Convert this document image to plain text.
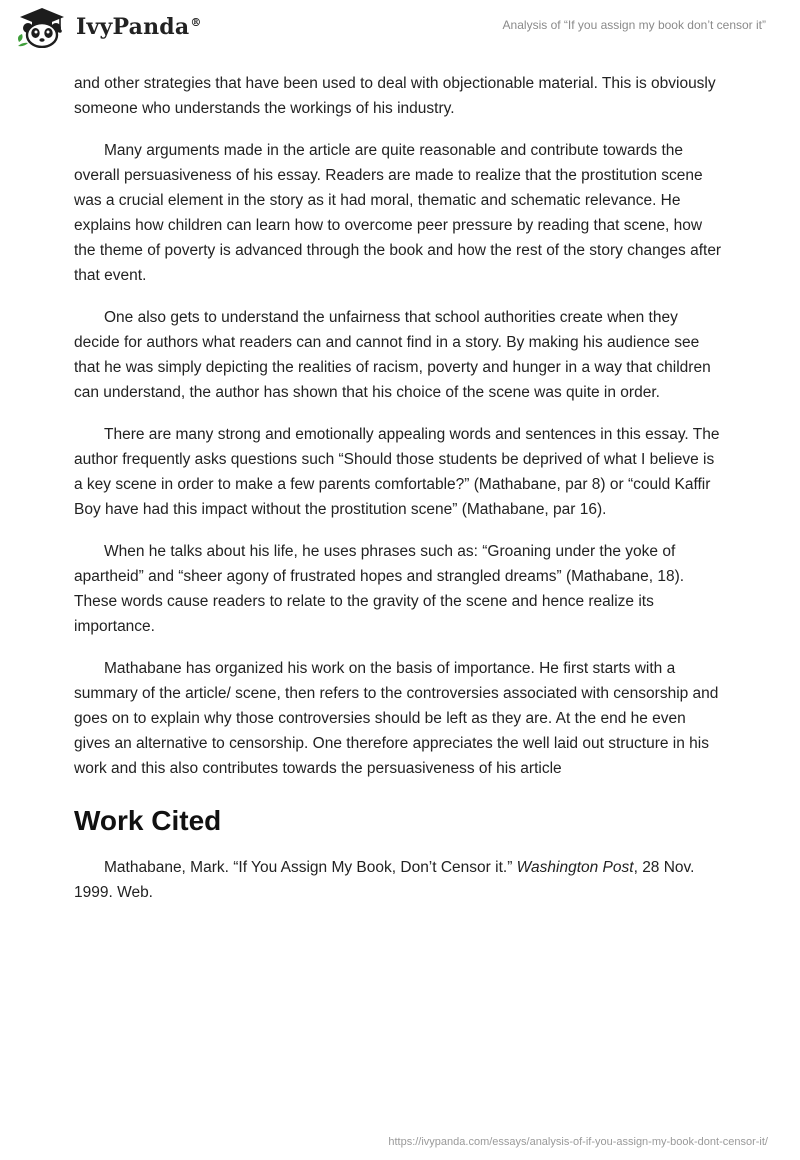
IvyPanda®	Analysis of “If you assign my book don’t censor it”

and other strategies that have been used to deal with objectionable material. This is obviously someone who understands the workings of his industry.

Many arguments made in the article are quite reasonable and contribute towards the overall persuasiveness of his essay. Readers are made to realize that the prostitution scene was a crucial element in the story as it had moral, thematic and schematic relevance. He explains how children can learn how to overcome peer pressure by reading that scene, how the theme of poverty is advanced through the book and how the rest of the story changes after that event.

One also gets to understand the unfairness that school authorities create when they decide for authors what readers can and cannot find in a story. By making his audience see that he was simply depicting the realities of racism, poverty and hunger in a way that children can understand, the author has shown that his choice of the scene was quite in order.

There are many strong and emotionally appealing words and sentences in this essay. The author frequently asks questions such “Should those students be deprived of what I believe is a key scene in order to make a few parents comfortable?” (Mathabane, par 8) or “could Kaffir Boy have had this impact without the prostitution scene” (Mathabane, par 16).

When he talks about his life, he uses phrases such as: “Groaning under the yoke of apartheid” and “sheer agony of frustrated hopes and strangled dreams” (Mathabane, 18). These words cause readers to relate to the gravity of the scene and hence realize its importance.

Mathabane has organized his work on the basis of importance. He first starts with a summary of the article/ scene, then refers to the controversies associated with censorship and goes on to explain why those controversies should be left as they are. At the end he even gives an alternative to censorship. One therefore appreciates the well laid out structure in his work and this also contributes towards the persuasiveness of his article

Work Cited

Mathabane, Mark. “If You Assign My Book, Don’t Censor it.” Washington Post, 28 Nov. 1999. Web.

https://ivypanda.com/essays/analysis-of-if-you-assign-my-book-dont-censor-it/
